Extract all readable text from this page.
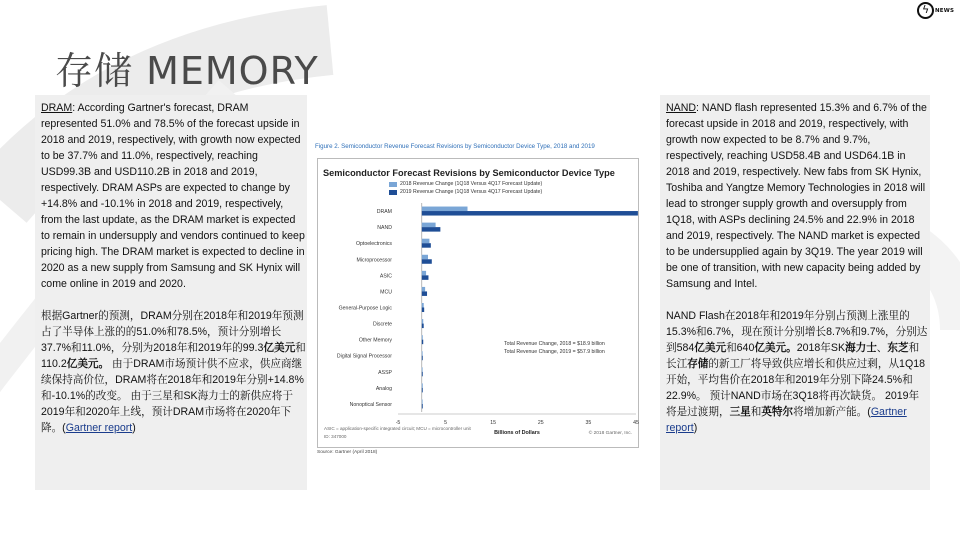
ϟ NEWS
存储 MEMORY

DRAM: According Gartner's forecast, DRAM represented 51.0% and 78.5% of the forecast upside in 2018 and 2019, respectively, with growth now expected to be 37.7% and 11.0%, respectively, reaching USD99.3B and USD110.2B in 2018 and 2019, respectively. DRAM ASPs are expected to change by +14.8% and -10.1% in 2018 and 2019, respectively, from the last update, as the DRAM market is expected to remain in undersupply and vendors continued to keep pricing high. The DRAM market is expected to decline in 2020 as a new supply from Samsung and SK Hynix will come online in 2019 and 2020.

根据Gartner的预测，DRAM分别在2018年和2019年预测占了半导体上涨的的51.0%和78.5%，预计分别增长37.7%和11.0%，分别为2018年和2019年的99.3亿美元和110.2亿美元。 由于DRAM市场预计供不应求，供应商继续保持高价位，DRAM将在2018年和2019年分别+14.8%和-10.1%的改变。 由于三星和SK海力士的新供应将于2019年和2020年上线，预计DRAM市场将在2020年下降。(Gartner report)

NAND: NAND flash represented 15.3% and 6.7% of the forecast upside in 2018 and 2019, respectively, with growth now expected to be 8.7% and 9.7%, respectively, reaching USD58.4B and USD64.1B in 2018 and 2019, respectively. New fabs from SK Hynix, Toshiba and Yangtze Memory Technologies in 2018 will lead to stronger supply growth and oversupply from 1Q18, with ASPs declining 24.5% and 22.9% in 2018 and 2019, respectively. The NAND market is expected to be undersupplied again by 3Q19. The year 2019 will be one of transition, with new capacity being added by Samsung and Intel.

NAND Flash在2018年和2019年分别占预测上涨里的15.3%和6.7%，现在预计分别增长8.7%和9.7%，分别达到584亿美元和640亿美元。2018年SK海力士、东芝和长江存储的新工厂将导致供应增长和供应过剩，从1Q18开始，平均售价在2018年和2019年分别下降24.5%和22.9%。 预计NAND市场在3Q18将再次缺货。 2019年将是过渡期，三星和英特尔将增加新产能。(Gartner report)

Figure 2. Semiconductor Revenue Forecast Revisions by Semiconductor Device Type, 2018 and 2019
DRAM
NAND
Optoelectronics
Microprocessor
ASIC
MCU
General-Purpose Logic
Discrete
Other Memory
Digital Signal Processor
ASSP
Analog
Nonoptical Sensor
-5	5	15	25	35	45
Billions of Dollars
Semiconductor Forecast Revisions by Semiconductor Device Type
2018 Revenue Change (1Q18 Versus 4Q17 Forecast Update)
2019 Revenue Change (1Q18 Versus 4Q17 Forecast Update)
Total Revenue Change, 2018 = $18.9 billion
Total Revenue Change, 2019 = $57.9 billion
ASIC = application-specific integrated circuit; MCU = microcontroller unit
ID: 347000
© 2018 Gartner, Inc.
Source: Gartner (April 2018)
